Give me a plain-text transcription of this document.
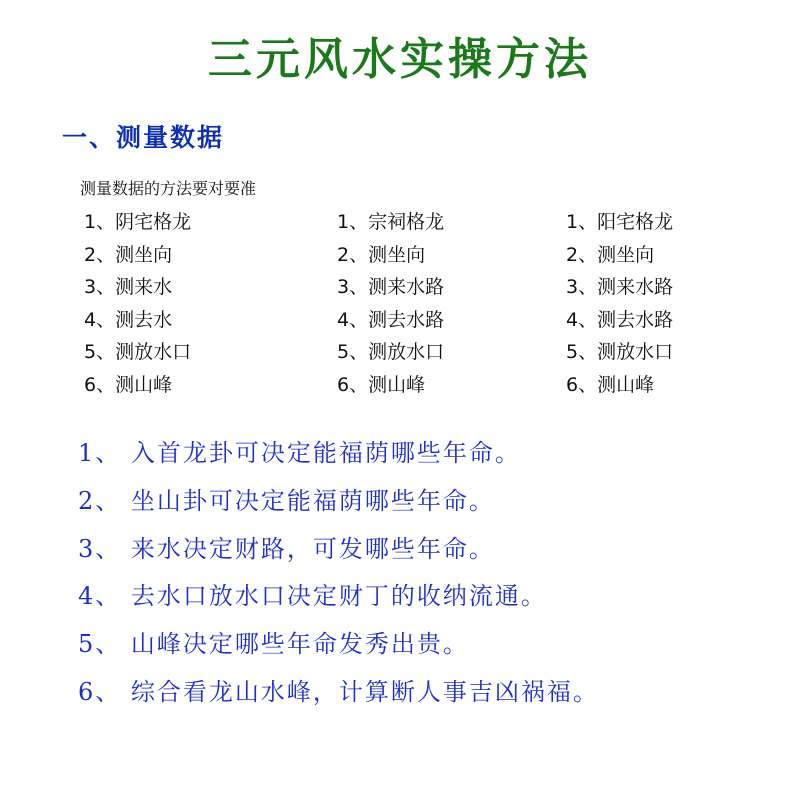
三元风水实操方法
一、测量数据
测量数据的方法要对要准
1、阴宅格龙
2、测坐向
3、测来水
4、测去水
5、测放水口
6、测山峰
1、宗祠格龙
2、测坐向
3、测来水路
4、测去水路
5、测放水口
6、测山峰
1、阳宅格龙
2、测坐向
3、测来水路
4、测去水路
5、测放水口
6、测山峰
1、 入首龙卦可决定能福荫哪些年命。
2、 坐山卦可决定能福荫哪些年命。
3、 来水决定财路，可发哪些年命。
4、 去水口放水口决定财丁的收纳流通。
5、 山峰决定哪些年命发秀出贵。
6、 综合看龙山水峰，计算断人事吉凶祸福。
